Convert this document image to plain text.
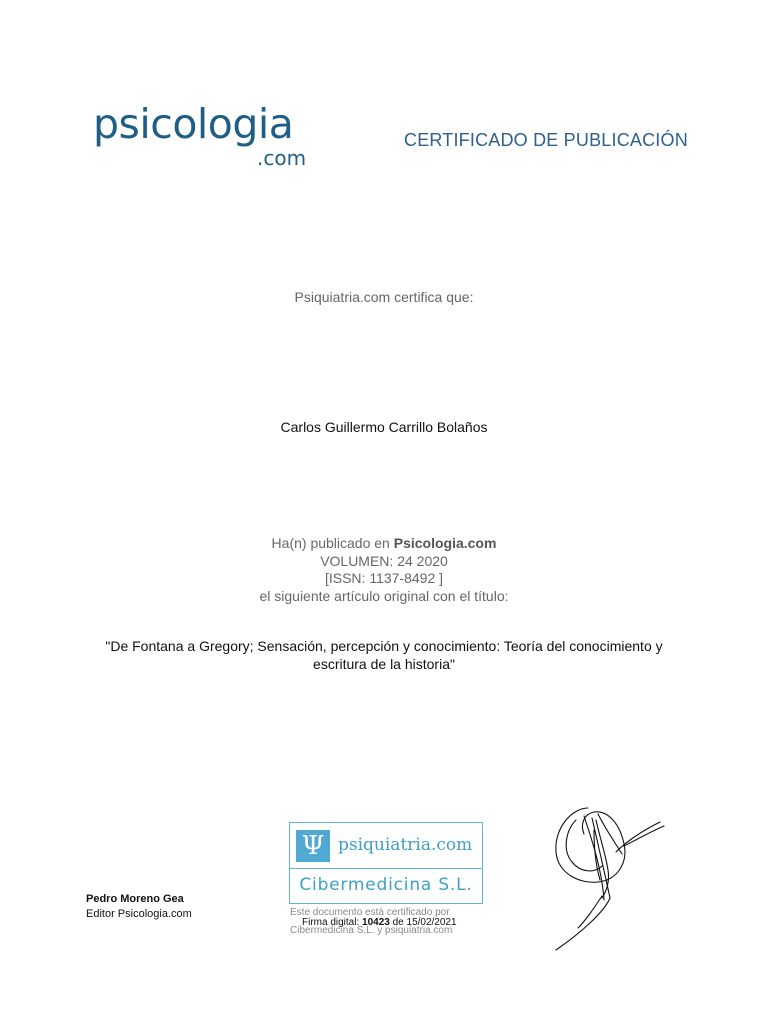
psicologia
.com
CERTIFICADO DE PUBLICACIÓN
Psiquiatria.com certifica que:
Carlos Guillermo Carrillo Bolaños
Ha(n) publicado en Psicologia.com
VOLUMEN: 24 2020
[ISSN: 1137-8492 ]
el siguiente artículo original con el título:
"De Fontana a Gregory; Sensación, percepción y conocimiento: Teoría del conocimiento y
escritura de la historia"
Pedro Moreno Gea
Editor Psicologia.com
Ψ psiquiatria.com
Cibermedicina S.L.
Este documento está certificado por
Firma digital: 10423 de 15/02/2021
Cibermedicina S.L. y psiquiatria.com
